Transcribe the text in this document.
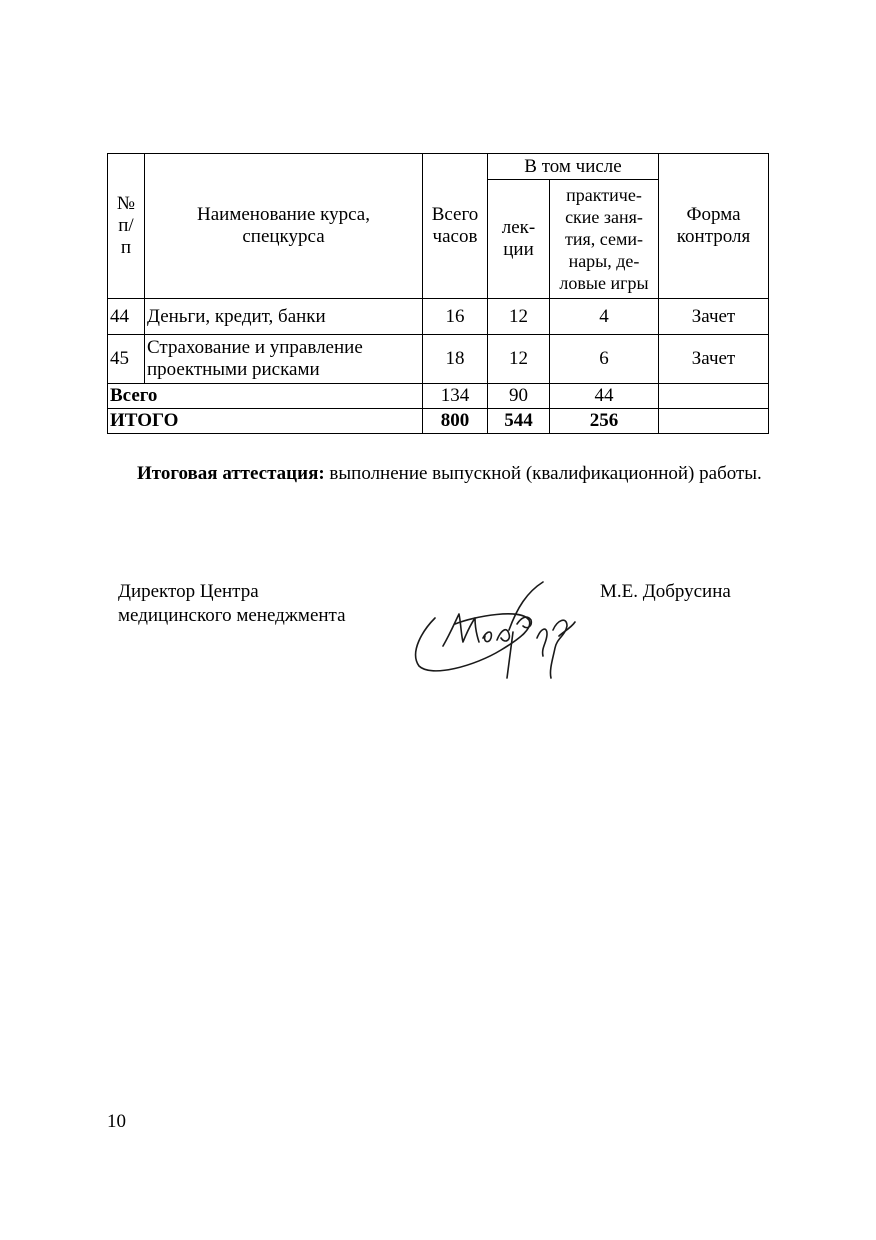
№ п/п	Наименование курса, спецкурса	Всего часов	В том числе		Форма контроля

			лек-ции	практиче-ские заня-тия, семи-нары, де-ловые игры	

44	Деньги, кредит, банки	16	12	4	Зачет
45	Страхование и управление проектными рисками	18	12	6	Зачет
Всего		134	90	44	
ИТОГО		800	544	256	

Итоговая аттестация: выполнение выпускной (квалификационной) работы.

Директор Центра
медицинского менеджмента
М.Е. Добрусина
10
